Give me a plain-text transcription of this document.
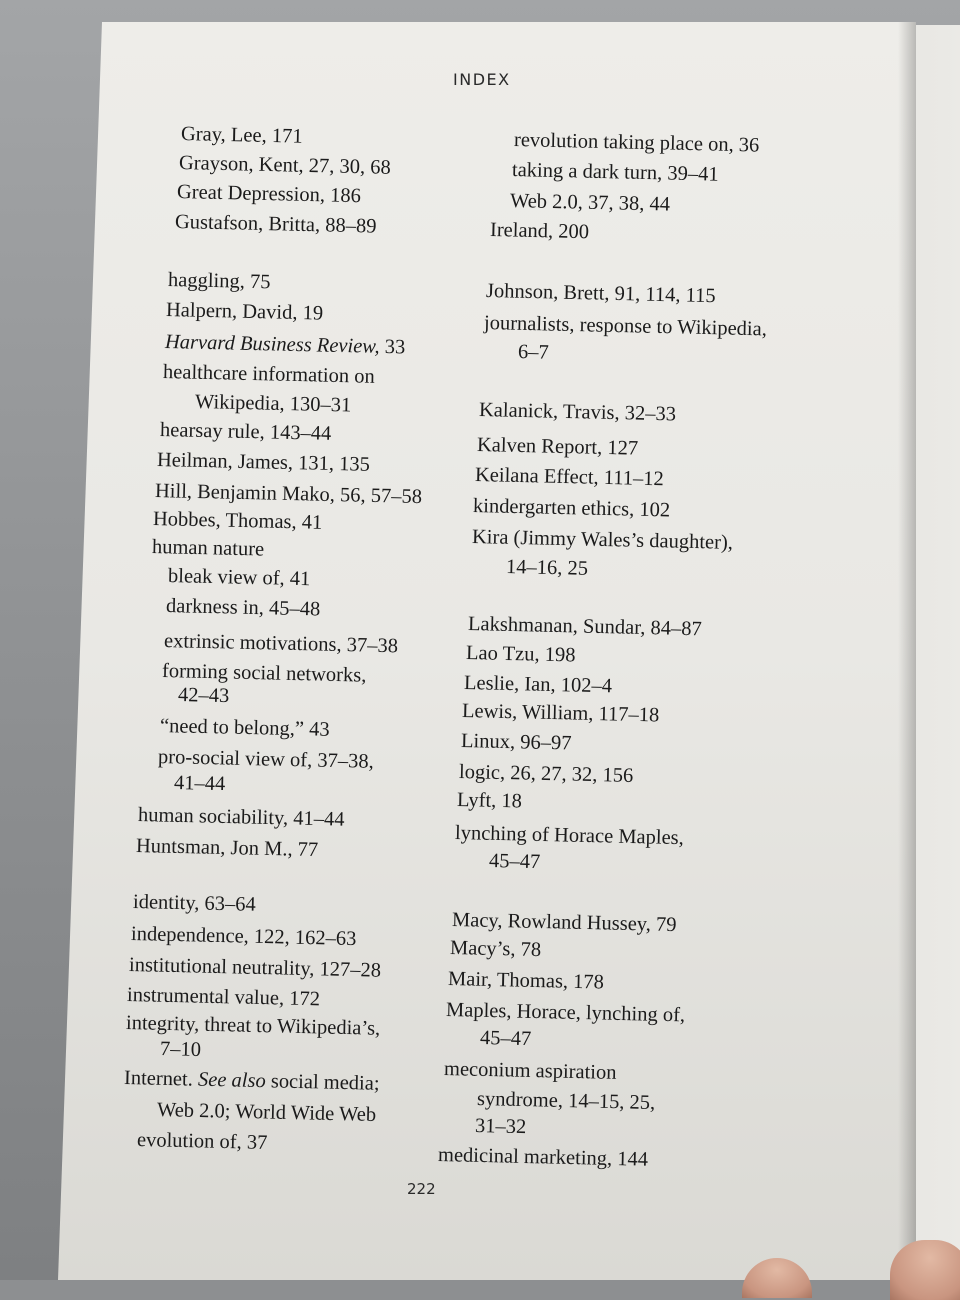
INDEX
Gray, Lee, 171
Grayson, Kent, 27, 30, 68
Great Depression, 186
Gustafson, Britta, 88–89
haggling, 75
Halpern, David, 19
Harvard Business Review, 33
healthcare information on
Wikipedia, 130–31
hearsay rule, 143–44
Heilman, James, 131, 135
Hill, Benjamin Mako, 56, 57–58
Hobbes, Thomas, 41
human nature
bleak view of, 41
darkness in, 45–48
extrinsic motivations, 37–38
forming social networks,
42–43
“need to belong,” 43
pro-social view of, 37–38,
41–44
human sociability, 41–44
Huntsman, Jon M., 77
identity, 63–64
independence, 122, 162–63
institutional neutrality, 127–28
instrumental value, 172
integrity, threat to Wikipedia’s,
7–10
Internet. See also social media;
Web 2.0; World Wide Web
evolution of, 37
revolution taking place on, 36
taking a dark turn, 39–41
Web 2.0, 37, 38, 44
Ireland, 200
Johnson, Brett, 91, 114, 115
journalists, response to Wikipedia,
6–7
Kalanick, Travis, 32–33
Kalven Report, 127
Keilana Effect, 111–12
kindergarten ethics, 102
Kira (Jimmy Wales’s daughter),
14–16, 25
Lakshmanan, Sundar, 84–87
Lao Tzu, 198
Leslie, Ian, 102–4
Lewis, William, 117–18
Linux, 96–97
logic, 26, 27, 32, 156
Lyft, 18
lynching of Horace Maples,
45–47
Macy, Rowland Hussey, 79
Macy’s, 78
Mair, Thomas, 178
Maples, Horace, lynching of,
45–47
meconium aspiration
syndrome, 14–15, 25,
31–32
medicinal marketing, 144
222
